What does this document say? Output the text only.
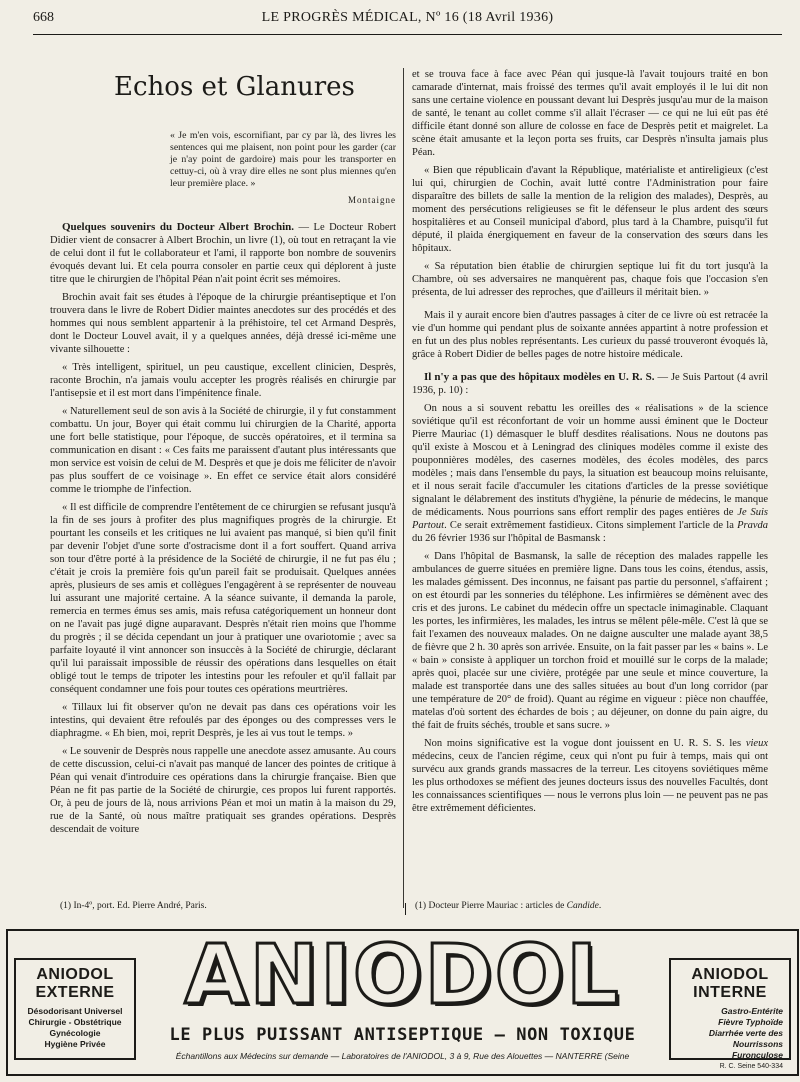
668	LE PROGRÈS MÉDICAL, Nº 16 (18 Avril 1936)
Echos et Glanures
« Je m'en vois, escornifiant, par cy par là, des livres les sentences qui me plaisent, non point pour les garder (car je n'ay point de gardoire) mais pour les transporter en cettuy-ci, où à vray dire elles ne sont plus miennes qu'en leur première place. »
Montaigne

Quelques souvenirs du Docteur Albert Brochin. — Le Docteur Robert Didier vient de consacrer à Albert Brochin, un livre (1), où tout en retraçant la vie de celui dont il fut le collaborateur et l'ami, il rapporte bon nombre de souvenirs évoqués devant lui. Et cela pourra consoler en partie ceux qui déplorent à juste titre que le chirurgien de l'hôpital Péan n'ait point écrit ses mémoires.

Brochin avait fait ses études à l'époque de la chirurgie préantiseptique et l'on trouvera dans le livre de Robert Didier maintes anecdotes sur des procédés et des hommes qui nous semblent appartenir à la préhistoire, tel cet Armand Desprès, dont le Docteur Louvel avait, il y a quelques années, déjà dressé ici-même une vivante silhouette :

« Très intelligent, spirituel, un peu caustique, excellent clinicien, Desprès, raconte Brochin, n'a jamais voulu accepter les progrès réalisés en chirurgie par l'antisepsie et il est mort dans l'impénitence finale.

« Naturellement seul de son avis à la Société de chirurgie, il y fut constamment combattu. Un jour, Boyer qui était commu lui chirurgien de la Charité, apporta une fort belle statistique, pour l'époque, de succès opératoires, et il termina sa communication en disant : « Ces faits me paraissent d'autant plus intéressants que mon service est voisin de celui de M. Desprès et que je dois me féliciter de n'avoir pas plus souffert de ce voisinage ». En effet ce service était alors considéré comme le triomphe de l'infection.

« Il est difficile de comprendre l'entêtement de ce chirurgien se refusant jusqu'à la fin de ses jours à profiter des plus magnifiques progrès de la chirurgie. Et pourtant les conseils et les critiques ne lui avaient pas manqué, si bien qu'il finit par devenir l'objet d'une sorte d'ostracisme dont il a fort souffert. Quand arriva son tour d'être porté à la présidence de la Société de chirurgie, il ne fut pas élu ; c'était je crois la première fois qu'un pareil fait se produisait. Quelques années après, plusieurs de ses amis et collègues l'engagèrent à se représenter de nouveau lui assurant une majorité certaine. A la séance suivante, il demanda la parole, remercia en termes émus ses amis, mais refusa catégoriquement un honneur dont on ne l'avait pas jugé digne auparavant. Desprès n'était rien moins que l'homme du progrès ; il se décida cependant un jour à pratiquer une ovariotomie ; avec sa parfaite loyauté il vint annoncer son insuccès à la Société de chirurgie, déclarant qu'il lui paraissait impossible de réussir des opérations dans lesquelles on était obligé tout le temps de tripoter les intestins pour les refouler et qu'il fallait par conséquent condamner une fois pour toutes ces opérations meurtrières.

« Tillaux lui fit observer qu'on ne devait pas dans ces opérations voir les intestins, qui devaient être refoulés par des éponges ou des compresses vers le diaphragme. « Eh bien, moi, reprit Desprès, je les ai vus tout le temps. »

« Le souvenir de Desprès nous rappelle une anecdote assez amusante. Au cours de cette discussion, celui-ci n'avait pas manqué de lancer des pointes de critique à Péan qui venait d'introduire ces opérations dans la chirurgie française. Bien que Péan ne fit pas partie de la Société de chirurgie, ces propos lui furent rapportés. Or, à peu de jours de là, nous arrivions Péan et moi un matin à la maison du 29, rue de la Santé, où nous maître pratiquait ses grandes opérations. Desprès descendait de voiture

et se trouva face à face avec Péan qui jusque-là l'avait toujours traité en bon camarade d'internat, mais froissé des termes qu'il avait employés il le lui dit non sans une certaine violence en poussant devant lui Desprès jusqu'au mur de la maison de santé, le tenant au collet comme s'il allait l'écraser — ce qui ne lui eût pas été difficile étant donné son allure de colosse en face de Desprès petit et maigrelet. La scène était amusante et la leçon porta ses fruits, car Desprès n'insulta jamais plus Péan.

« Bien que républicain d'avant la République, matérialiste et antireligieux (c'est lui qui, chirurgien de Cochin, avait lutté contre l'Administration pour faire disparaître des billets de salle la mention de la religion des malades), Desprès, au moment des persécutions religieuses se fit le défenseur le plus ardent des sœurs hospitalières et au Conseil municipal d'abord, plus tard à la Chambre, puisqu'il fut député, il plaida énergiquement en faveur de la conservation des sœurs dans les hôpitaux.

« Sa réputation bien établie de chirurgien septique lui fit du tort jusqu'à la Chambre, où ses adversaires ne manquèrent pas, chaque fois que l'occasion s'en présenta, de lui adresser des reproches, que d'ailleurs il méritait bien. »

Mais il y aurait encore bien d'autres passages à citer de ce livre où est retracée la vie d'un homme qui pendant plus de soixante années appartint à notre profession et en fut un des plus nobles représentants. Les curieux du passé trouveront évoqués là, grâce à Robert Didier de belles pages de notre histoire médicale.

Il n'y a pas que des hôpitaux modèles en U. R. S. — Je Suis Partout (4 avril 1936, p. 10) :

On nous a si souvent rebattu les oreilles des « réalisations » de la science soviétique qu'il est réconfortant de voir un homme aussi éminent que le Docteur Pierre Mauriac (1) démasquer le bluff desdites réalisations. Nous ne doutons pas qu'il existe à Moscou et à Leningrad des cliniques modèles comme il existe des pouponnières modèles, des casernes modèles, des écoles modèles, des parcs modèles ; mais dans l'ensemble du pays, la situation est beaucoup moins reluisante, et il nous serait facile d'accumuler les citations d'articles de la presse soviétique signalant le délabrement des instituts d'hygiène, la pénurie de médecins, le manque de médicaments. Nous pourrions sans effort remplir des pages entières de Je Suis Partout. Ce serait extrêmement fastidieux. Citons simplement l'article de la Pravda du 26 février 1936 sur l'hôpital de Basmansk :

« Dans l'hôpital de Basmansk, la salle de réception des malades rappelle les ambulances de guerre situées en première ligne. Dans tous les coins, étendus, assis, les malades gémissent. Des inconnus, ne faisant pas partie du personnel, s'affairent ; on est étourdi par les sonneries du téléphone. Les infirmières se démènent avec des cris et des jurons. Le cabinet du médecin offre un spectacle inimaginable. Claquant les portes, les infirmières, les malades, les intrus se mêlent pêle-mêle. C'est là que se fait l'examen des nouveaux malades. On ne daigne ausculter une malade ayant 38,5 de fièvre que 2 h. 30 après son arrivée. Ensuite, on la fait passer par les « bains ». Le « bain » consiste à appliquer un torchon froid et mouillé sur le corps de la malade; après quoi, placée sur une civière, protégée par une seule et mince couverture, la malade est transportée dans une des salles situées au bout d'un long corridor (par une température de 20° de froid). Quant au régime en vigueur : pièce non chauffée, matelas d'où sortent des échardes de bois ; au déjeuner, on donne du pain aigre, du thé fait de fruits séchés, trouble et sans sucre. »

Non moins significative est la vogue dont jouissent en U. R. S. S. les vieux médecins, ceux de l'ancien régime, ceux qui n'ont pu fuir à temps, mais qui ont survécu aux grands grands massacres de la terreur. Les citoyens soviétiques même les plus orthodoxes se méfient des jeunes docteurs issus des nouvelles Facultés, dont les connaissances scientifiques — nous le verrons plus loin — ne peuvent pas ne pas être extrêmement déficientes.

(1) In-4º, port. Ed. Pierre André, Paris.	(1) Docteur Pierre Mauriac : articles de Candide.
ANIODOL
EXTERNE
Désodorisant Universel
Chirurgie - Obstétrique
Gynécologie
Hygiène Privée
ANIODOL
LE PLUS PUISSANT ANTISEPTIQUE — NON TOXIQUE
Échantillons aux Médecins sur demande — Laboratoires de l'ANIODOL, 3 à 9, Rue des Alouettes — NANTERRE (Seine
ANIODOL
INTERNE
Gastro-Entérite
Fièvre Typhoïde
Diarrhée verte des Nourrissons
Furonculose
R. C. Seine 540-334
